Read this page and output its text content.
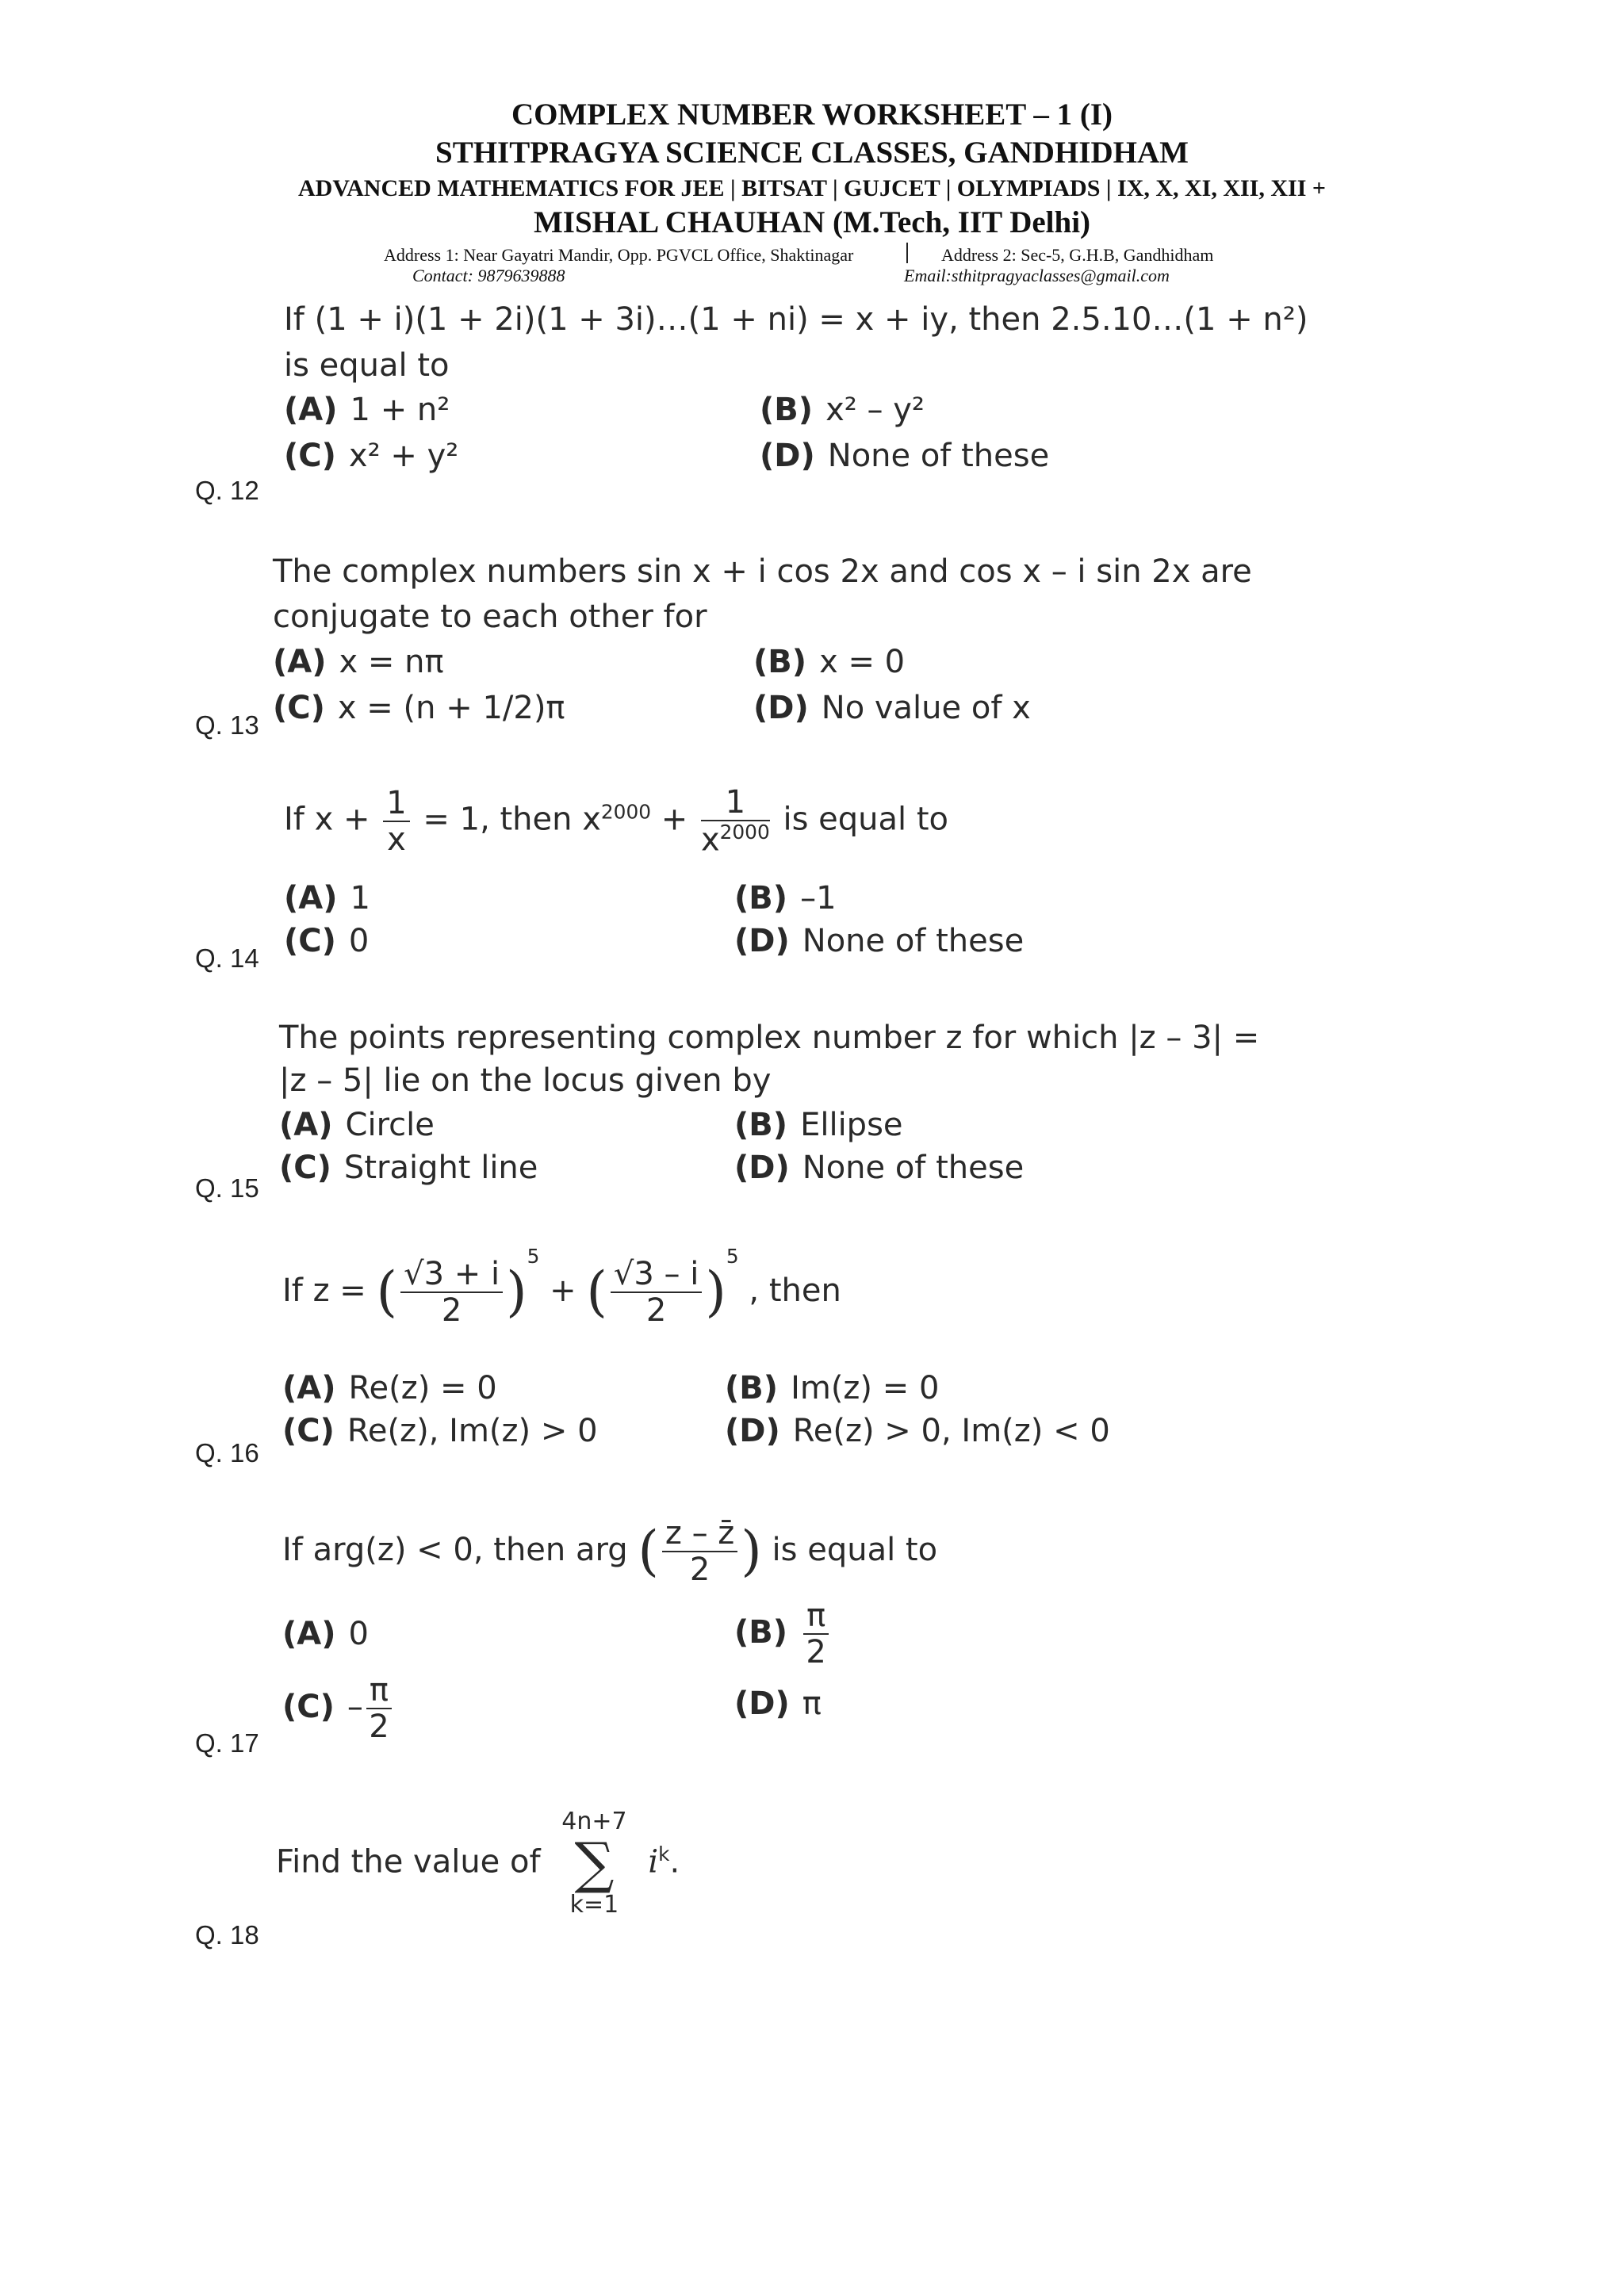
COMPLEX NUMBER WORKSHEET – 1 (I)
STHITPRAGYA SCIENCE CLASSES, GANDHIDHAM
ADVANCED MATHEMATICS FOR JEE | BITSAT | GUJCET | OLYMPIADS | IX, X, XI, XII, XII +
MISHAL CHAUHAN (M.Tech, IIT Delhi)
Address 1: Near Gayatri Mandir, Opp. PGVCL Office, Shaktinagar	Address 2: Sec-5, G.H.B, Gandhidham
Contact: 9879639888	Email:sthitpragyaclasses@gmail.com
If (1 + i)(1 + 2i)(1 + 3i)…(1 + ni) = x + iy, then 2.5.10…(1 + n²)
is equal to
(A) 1 + n²	(B) x² – y²
(C) x² + y²	(D) None of these
Q. 12
The complex numbers sin x + i cos 2x and cos x – i sin 2x are
conjugate to each other for
(A) x = nπ	(B) x = 0
(C) x = (n + 1/2)π	(D) No value of x
Q. 13
If $x + \frac{1}{x} = 1$, then $x^{2000} + \frac{1}{x^{2000}}$ is equal to
(A) 1	(B) –1
(C) 0	(D) None of these
Q. 14
The points representing complex number z for which |z – 3| =
|z – 5| lie on the locus given by
(A) Circle	(B) Ellipse
(C) Straight line	(D) None of these
Q. 15
If z = ( $\frac{√3 + i}{2} )^5$ + ( $\frac{√3 - i}{2} )^5$ , then
(A) Re(z) = 0	(B) Im(z) = 0
(C) Re(z), Im(z) > 0	(D) Re(z) > 0, Im(z) < 0
Q. 16
If arg(z) < 0, then arg ( $\frac{z - z̄}{2}$ ) is equal to
(A) 0	$(B) \frac{\pi}{2}$
$(C) - \frac{\pi}{2}$	(D) π
Q. 17
Find the value of
4n+7
∑
k=1
$i^k$.
Q. 18
